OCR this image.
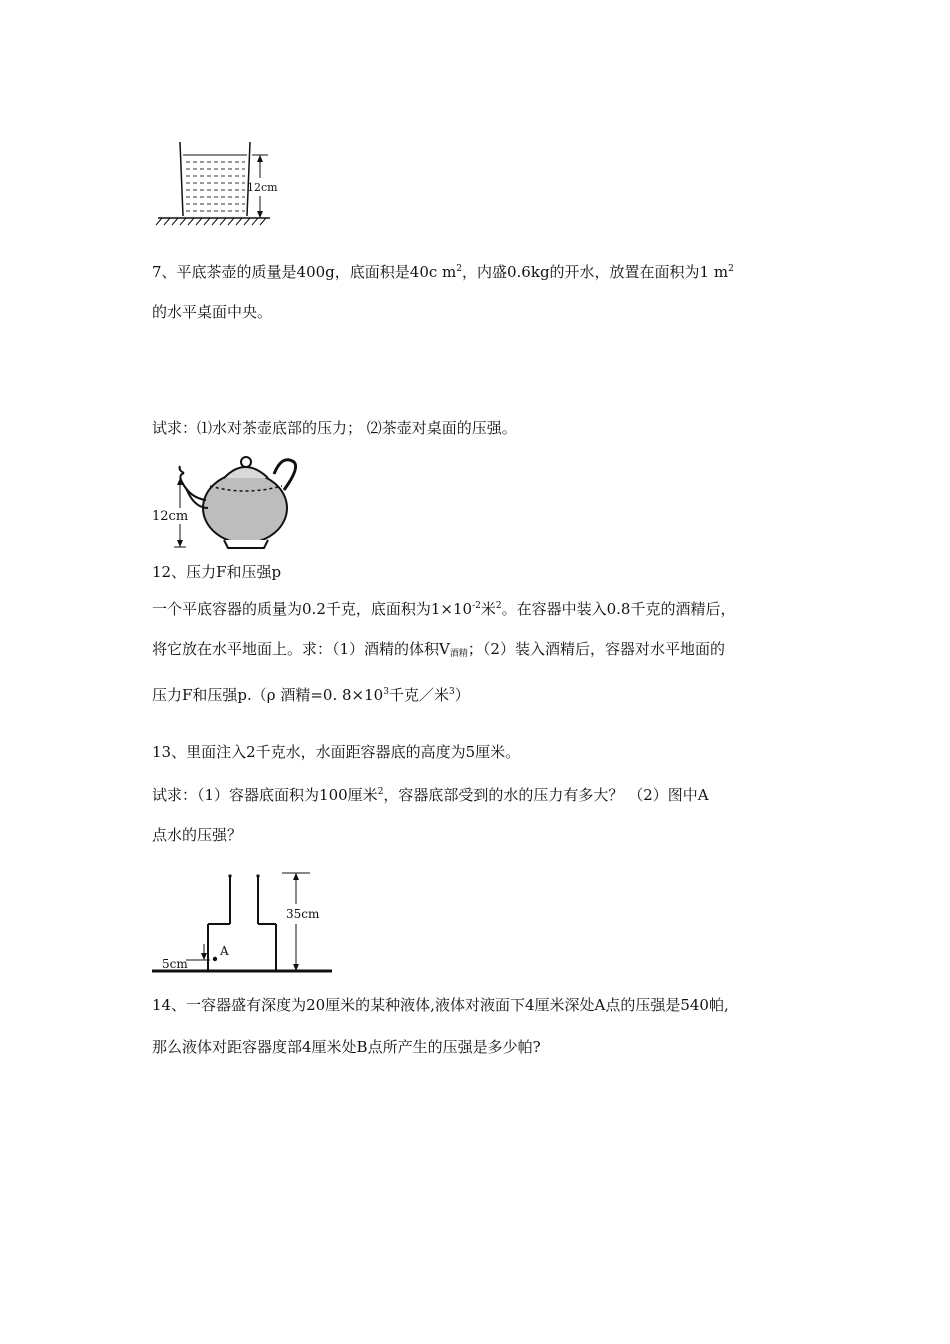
12cm
7、平底茶壶的质量是400g，底面积是40c $m^2$，内盛0.6kg的开水，放置在面积为1 $m^2$
的水平桌面中央。
试求：⑴水对茶壶底部的压力； ⑵茶壶对桌面的压强。
12cm
12、压力F和压强p
一个平底容器的质量为0.2千克，底面积为$1\times 10^{-2}$米$^2$。在容器中装入0.8千克的酒精后，
将它放在水平地面上。求：（1）酒精的体积$V_{酒精}$；（2）装入酒精后，容器对水平地面的
压力F和压强p.（ρ 酒精=0. $8\times 10^3$千克／米$^3$）
13、里面注入2千克水，水面距容器底的高度为5厘米。
试求：（1）容器底面积为100厘米$^2$，容器底部受到的水的压力有多大？ （2）图中A
点水的压强？
35cm
A
5cm
14、一容器盛有深度为20厘米的某种液体,液体对液面下4厘米深处A点的压强是540帕,
那么液体对距容器度部4厘米处B点所产生的压强是多少帕?
